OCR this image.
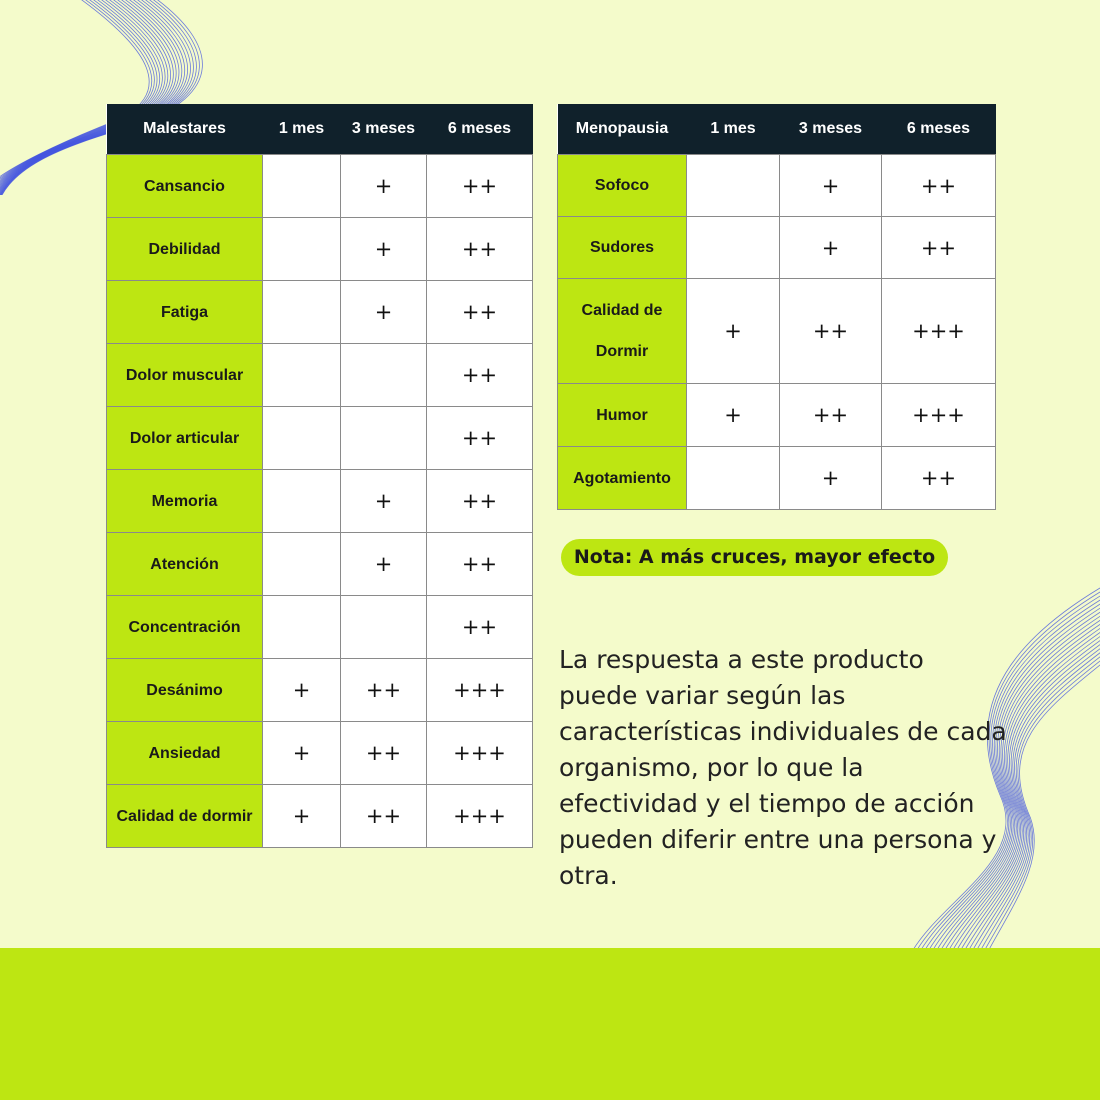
Malestares	1 mes	3 meses	6 meses
Cansancio		+	++
Debilidad		+	++
Fatiga		+	++
Dolor muscular			++
Dolor articular			++
Memoria		+	++
Atención		+	++
Concentración			++
Desánimo	+	++	+++
Ansiedad	+	++	+++
Calidad de dormir	+	++	+++
Menopausia	1 mes	3 meses	6 meses
Sofoco		+	++
Sudores		+	++
Calidad de Dormir	+	++	+++
Humor	+	++	+++
Agotamiento		+	++
Nota: A más cruces, mayor efecto
La respuesta a este producto puede variar según las características individuales de cada organismo, por lo que la efectividad y el tiempo de acción pueden diferir entre una persona y otra.
